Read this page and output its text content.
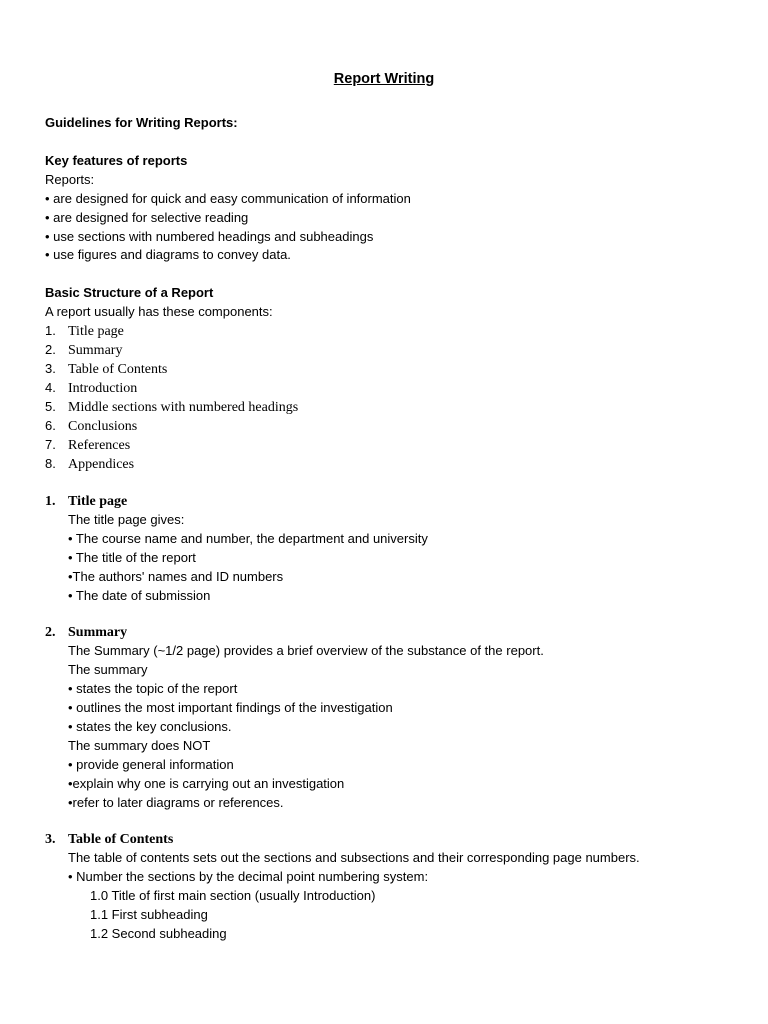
Report Writing
Guidelines for Writing Reports:
Key features of reports
Reports:
• are designed for quick and easy communication of information
• are designed for selective reading
• use sections with numbered headings and subheadings
• use figures and diagrams to convey data.
Basic Structure of a Report
A report usually has these components:
1. Title page
2. Summary
3. Table of Contents
4. Introduction
5. Middle sections with numbered headings
6. Conclusions
7. References
8. Appendices
1. Title page
The title page gives:
• The course name and number, the department and university
• The title of the report
•The authors' names and ID numbers
• The date of submission
2. Summary
The Summary (~1/2 page) provides a brief overview of the substance of the report.
The summary
• states the topic of the report
• outlines the most important findings of the investigation
• states the key conclusions.
The summary does NOT
• provide general information
•explain why one is carrying out an investigation
•refer to later diagrams or references.
3. Table of Contents
The table of contents sets out the sections and subsections and their corresponding page numbers.
• Number the sections by the decimal point numbering system:
1.0 Title of first main section (usually Introduction)
1.1 First subheading
1.2 Second subheading
